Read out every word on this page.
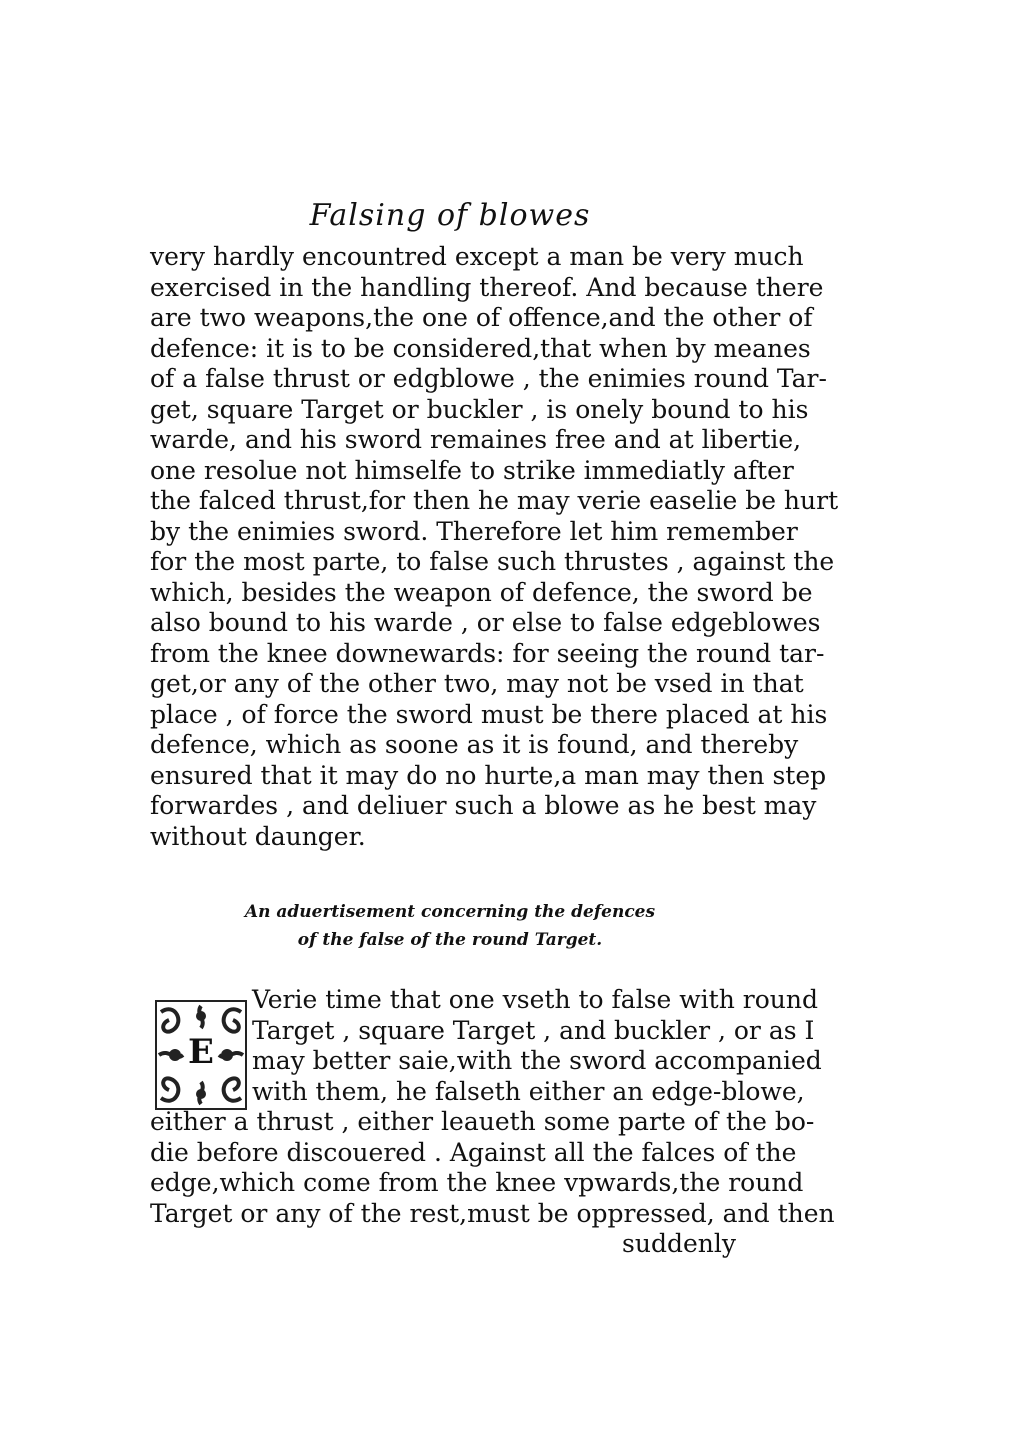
Falsing of blowes
very hardly encountred except a man be very much
exercised in the handling thereof. And because there
are two weapons,the one of offence,and the other of
defence: it is to be considered,that when by meanes
of a false thrust or edgblowe , the enimies round Tar-
get, square Target or buckler , is onely bound to his
warde, and his sword remaines free and at libertie,
one resolue not himselfe to strike immediatly after
the falced thrust,for then he may verie easelie be hurt
by the enimies sword. Therefore let him remember
for the most parte, to false such thrustes , against the
which, besides the weapon of defence, the sword be
also bound to his warde , or else to false edgeblowes
from the knee downewards: for seeing the round tar-
get,or any of the other two, may not be vsed in that
place , of force the sword must be there placed at his
defence, which as soone as it is found, and thereby
ensured that it may do no hurte,a man may then step
forwardes , and deliuer such a blowe as he best may
without daunger.
An aduertisement concerning the defences
of the false of the round Target.
E
Verie time that one vseth to false with round
Target , square Target , and buckler , or as I
may better saie,with the sword accompanied
with them, he falseth either an edge-blowe,
either a thrust , either leaueth some parte of the bo-
die before discouered . Against all the falces of the
edge,which come from the knee vpwards,the round
Target or any of the rest,must be oppressed, and then
suddenly
